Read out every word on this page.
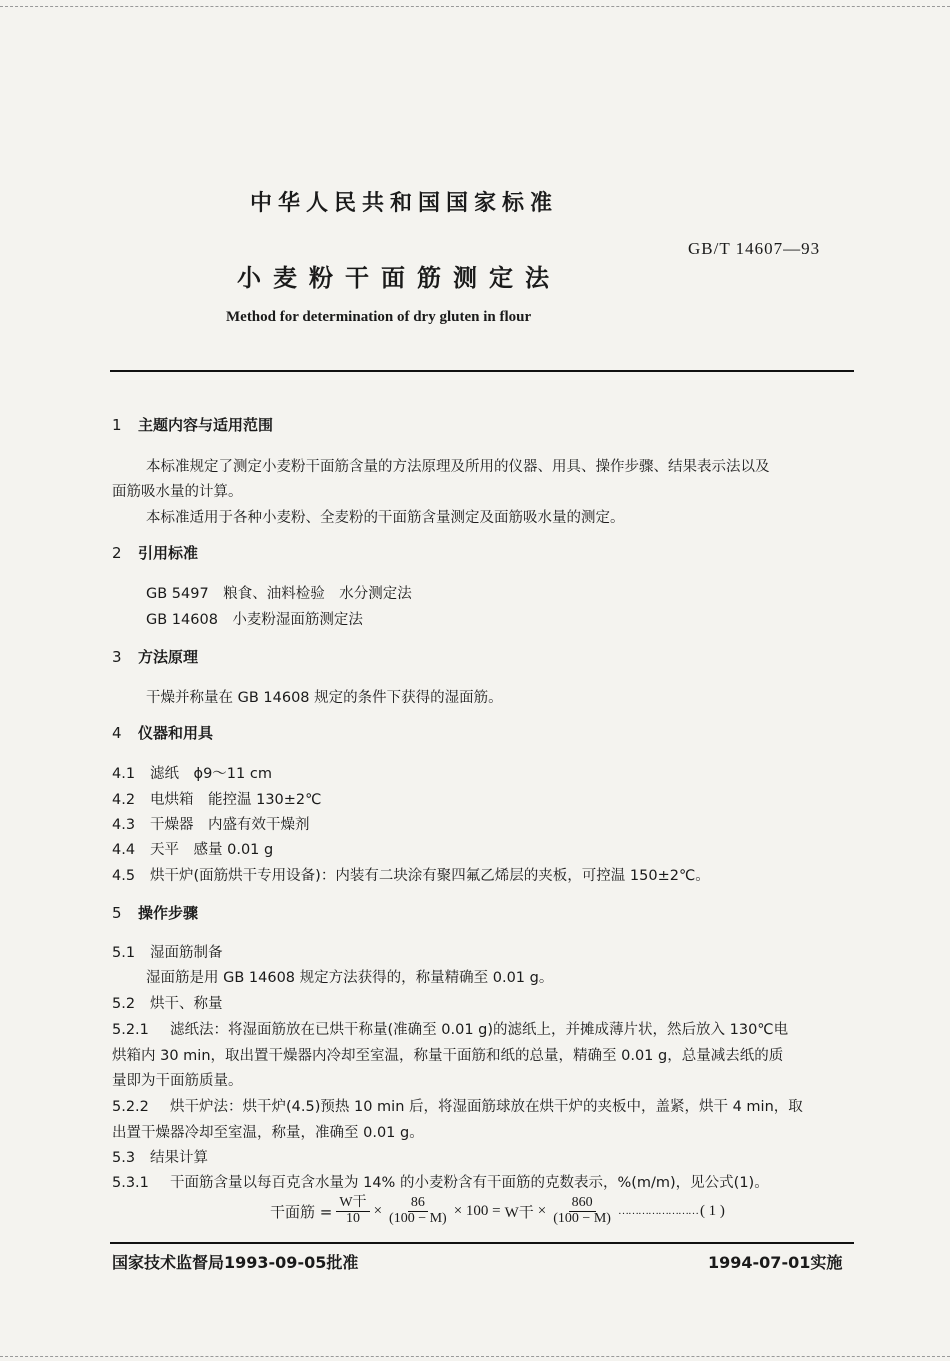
中华人民共和国国家标准
GB/T 14607—93
小麦粉干面筋测定法
Method for determination of dry gluten in flour
1 主题内容与适用范围
本标准规定了测定小麦粉干面筋含量的方法原理及所用的仪器、用具、操作步骤、结果表示法以及
面筋吸水量的计算。
本标准适用于各种小麦粉、全麦粉的干面筋含量测定及面筋吸水量的测定。
2 引用标准
GB 5497　粮食、油料检验　水分测定法
GB 14608　小麦粉湿面筋测定法
3 方法原理
干燥并称量在 GB 14608 规定的条件下获得的湿面筋。
4 仪器和用具
4.1 滤纸　ϕ9～11 cm
4.2 电烘箱　能控温 130±2℃
4.3 干燥器　内盛有效干燥剂
4.4 天平　感量 0.01 g
4.5 烘干炉(面筋烘干专用设备)：内装有二块涂有聚四氟乙烯层的夹板，可控温 150±2℃。
5 操作步骤
5.1 湿面筋制备
湿面筋是用 GB 14608 规定方法获得的，称量精确至 0.01 g。
5.2 烘干、称量
5.2.1 滤纸法：将湿面筋放在已烘干称量(准确至 0.01 g)的滤纸上，并摊成薄片状，然后放入 130℃电
烘箱内 30 min，取出置干燥器内冷却至室温，称量干面筋和纸的总量，精确至 0.01 g，总量减去纸的质
量即为干面筋质量。
5.2.2 烘干炉法：烘干炉(4.5)预热 10 min 后，将湿面筋球放在烘干炉的夹板中，盖紧，烘干 4 min，取
出置干燥器冷却至室温，称量，准确至 0.01 g。
5.3 结果计算
5.3.1 干面筋含量以每百克含水量为 14% 的小麦粉含有干面筋的克数表示，%(m/m)，见公式(1)。
干面筋 = $\frac{\text{W干}}{10} \times \frac{86}{(100 - M)} \times 100 = W$干 × $\frac{860}{(100 - M)}$ …………………… ( 1 )
国家技术监督局1993-09-05批准	1994-07-01实施
